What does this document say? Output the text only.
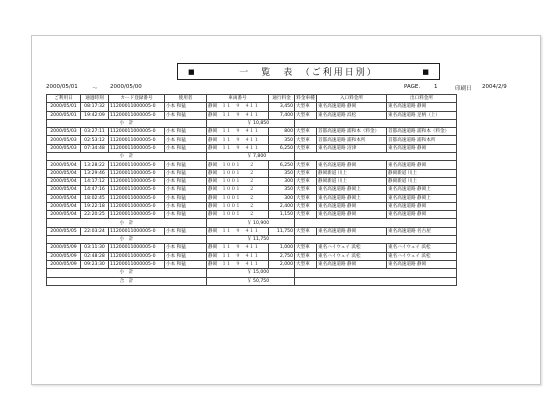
■	一　覧　表　（ご利用日別）	■
2000/05/01	～ 2000/05/00	PAGE.	1	印刷日 2004/2/9
ご利用日	通過時刻	カード登録番号	使用者	車両番号	通行料金	料金車種	入口料金所	出口料金所
2000/05/01	08:17:32	11200011000005-0	小本 和猛	静岡　１１　９　４１１	3,450	大型車	東名高速道路 静岡	東名高速道路 静岡
2000/05/01	19:42:09	11200011000005-0	小本 和猛	静岡　１１　９　４１１	7,400	大型車	東名高速道路 浜松	東名高速道路 足柄（上）
小　計				￥ 10,850				
2000/05/03	03:27:11	11200011000005-0	小本 和猛	静岡　１１　９　４１１	800	大型車	首都高速道路 浦和本（料金）	首都高速道路 浦和本（料金）
2000/05/03	02:53:12	11200011000005-0	小本 和猛	静岡　１１　９　４１１	350	大型車	首都高速道路 浦和本所	首都高速道路 浦和本所
2000/05/03	07:34:48	11200011000005-0	小本 和猛	静岡　１１　９　４１１	6,250	大型車	東名高速道路 沼津	東名高速道路 静岡
小　計				￥ 7,800				
2000/05/04	13:28:22	11200011000005-0	小本 和猛	静岡　１００１　　２	6,250	大型車	東名高速道路 静岡	東名高速道路 静岡
2000/05/04	13:29:46	11200011000005-0	小本 和猛	静岡　１００１　　２	350	大型車	静岡新道 川上	静岡新道 川上
2000/05/04	14:17:12	11200011000005-0	小本 和猛	静岡　１００１　　２	300	大型車	静岡新道 川上	静岡新道 川上
2000/05/04	14:47:16	11200011000005-0	小本 和猛	静岡　１００１　　２	350	大型車	東名高速道路 静岡上	東名高速道路 静岡上
2000/05/04	18:02:45	11200011000005-0	小本 和猛	静岡　１００１　　２	300	大型車	東名高速道路 静岡上	東名高速道路 静岡上
2000/05/04	19:22:18	11200011000005-0	小本 和猛	静岡　１００１　　２	2,400	大型車	東名高速道路 静岡	東名高速道路 静岡
2000/05/04	22:20:25	11200011000005-0	小本 和猛	静岡　１００１　　２	1,150	大型車	東名高速道路 静岡	東名高速道路 静岡
小　計				￥ 10,900				
2000/05/05	22:03:24	11200011000005-0	小本 和猛	静岡　１１　９　４１１	11,750	大型車	東名高速道路 静岡	東名高速道路 名古屋
小　計				￥ 11,750				
2000/05/09	03:11:30	11200011000005-0	小本 和猛	静岡　１１　９　４１１	1,000	大型車	東名ハイウェイ 浜松	東名ハイウェイ 浜松
2000/05/09	02:48:28	11200011000005-0	小本 和猛	静岡　１１　９　４１１	2,750	大型車	東名ハイウェイ 浜松	東名ハイウェイ 浜松
2000/05/09	09:23:30	11200011000005-0	小本 和猛	静岡　１１　９　４１１	2,000	大型車	東名高速道路 静岡	東名高速道路 静岡
小　計				￥ 15,000				
合　計				￥ 50,750				
